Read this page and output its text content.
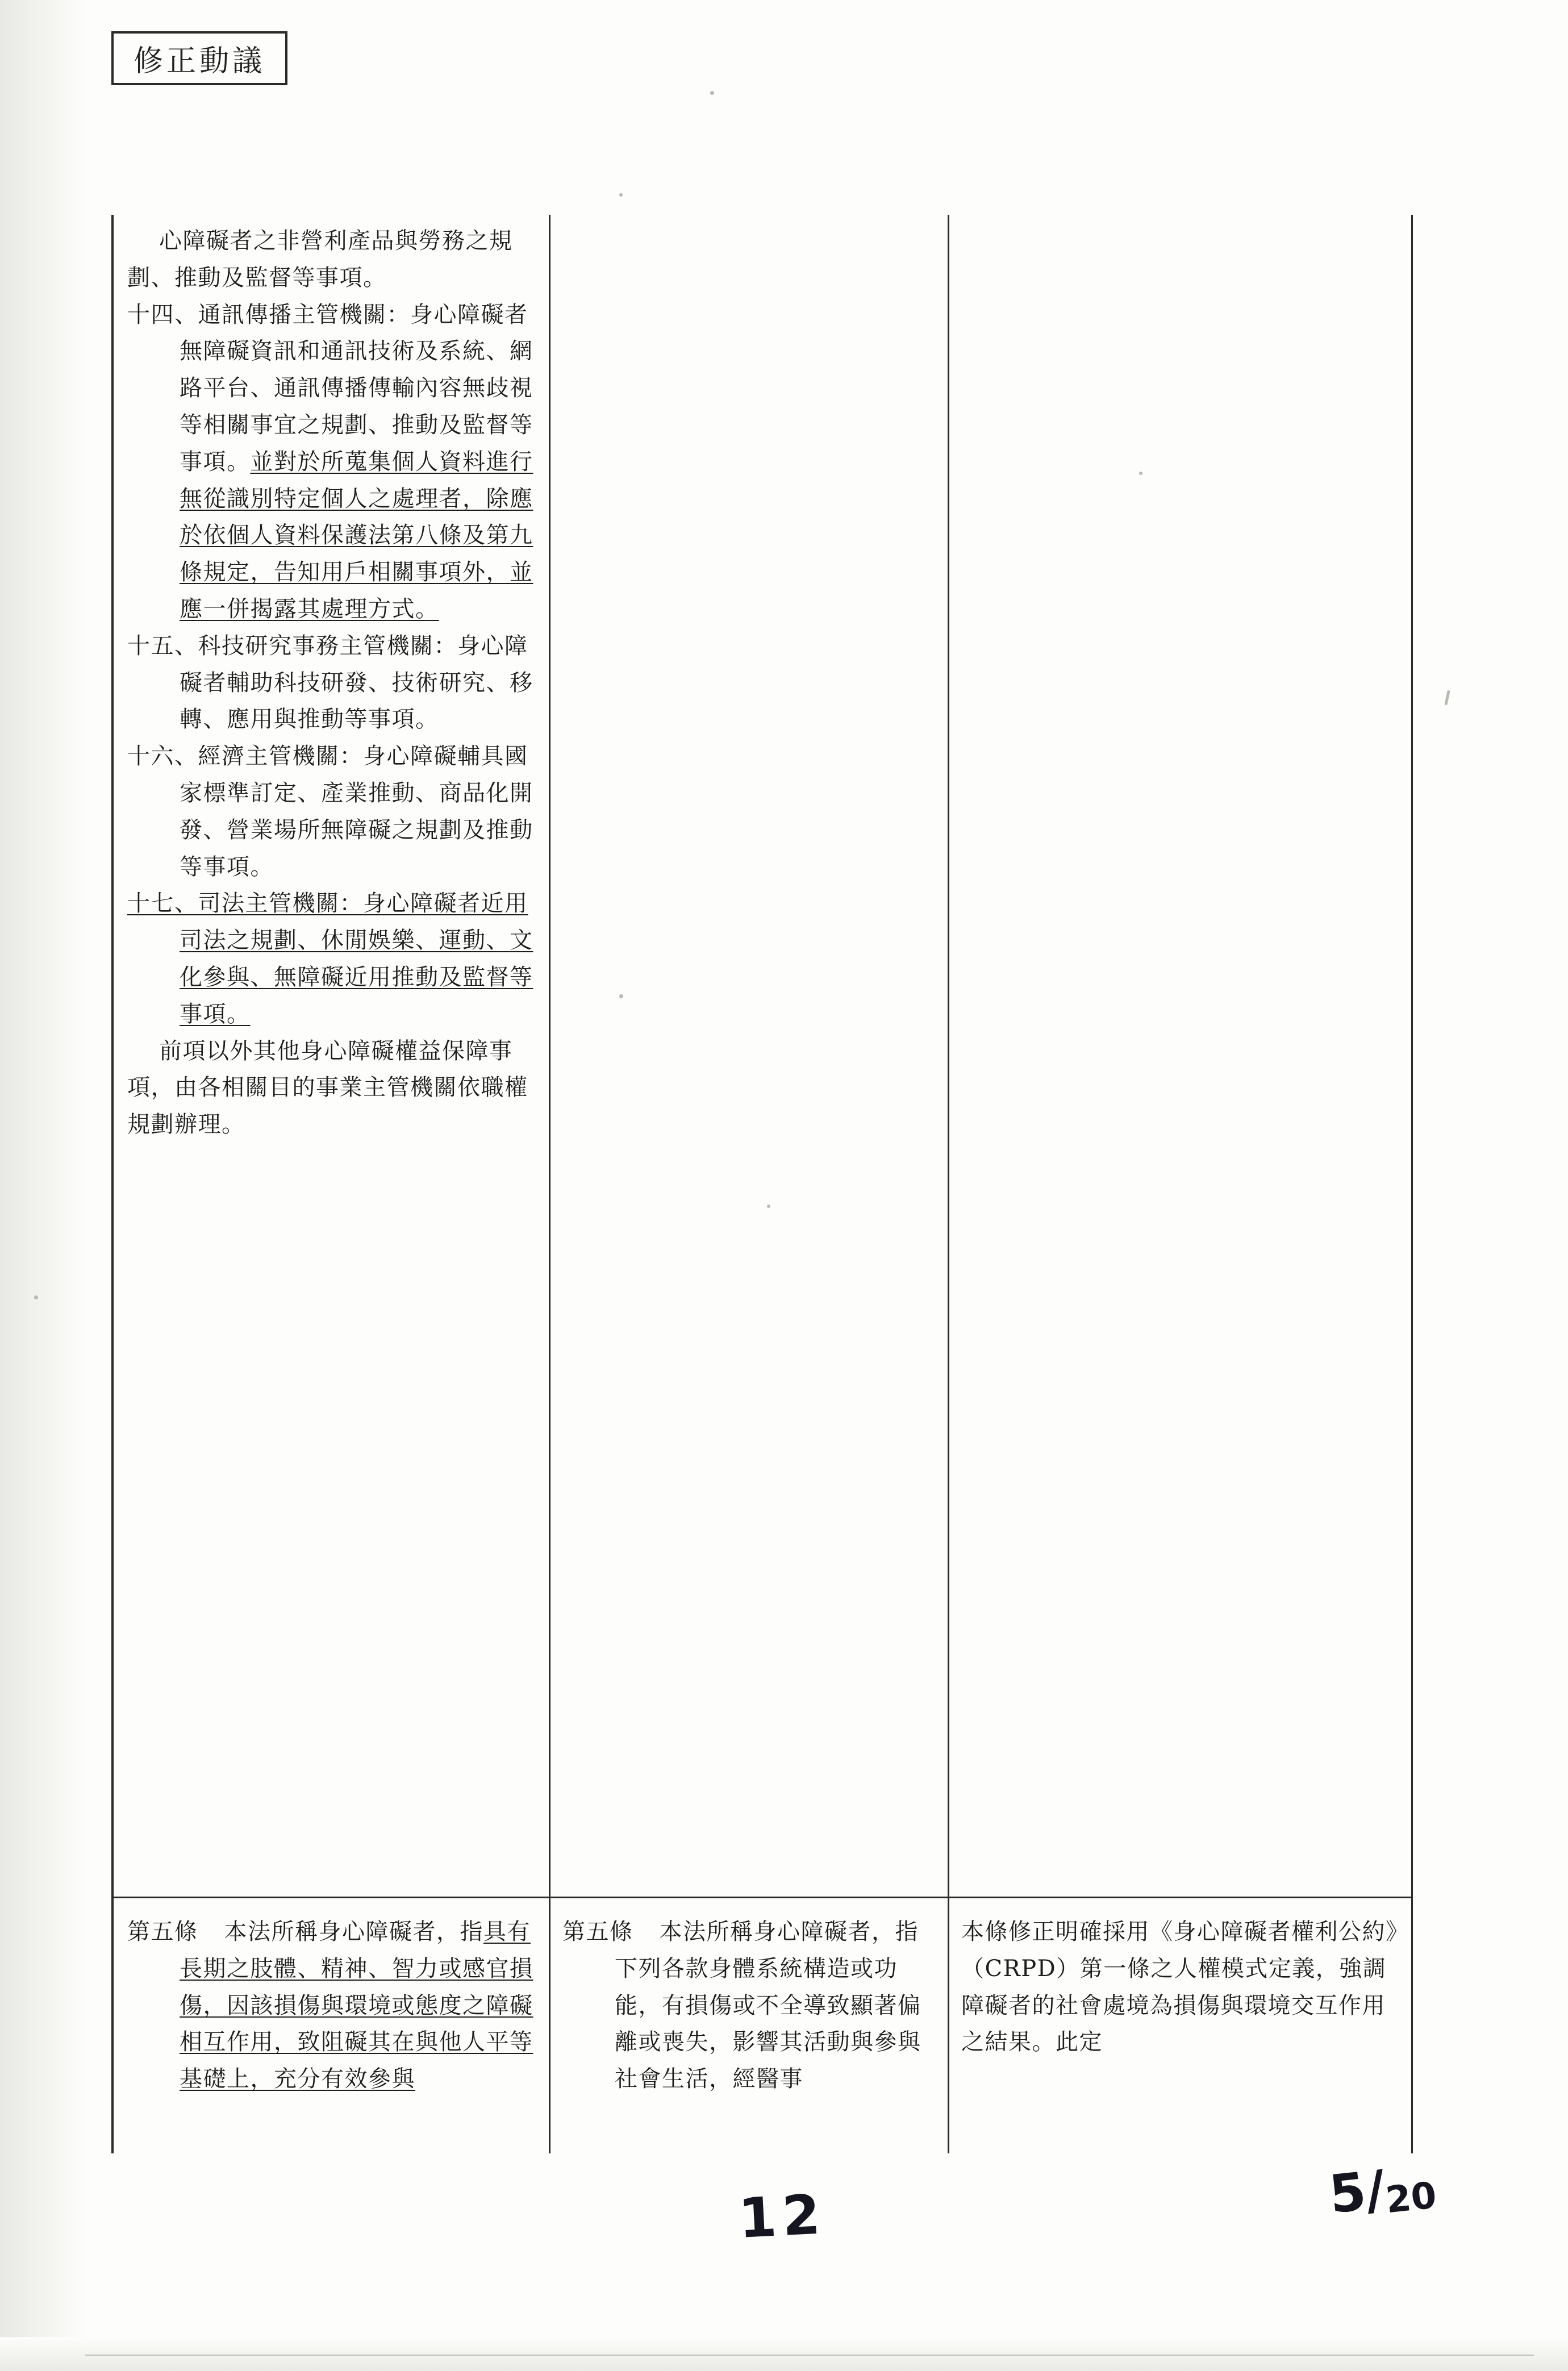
修正動議

心障礙者之非營利產品與勞務之規劃、推動及監督等事項。

十四、通訊傳播主管機關：身心障礙者無障礙資訊和通訊技術及系統、網路平台、通訊傳播傳輸內容無歧視等相關事宜之規劃、推動及監督等事項。並對於所蒐集個人資料進行無從識別特定個人之處理者，除應於依個人資料保護法第八條及第九條規定，告知用戶相關事項外，並應一併揭露其處理方式。

十五、科技研究事務主管機關：身心障礙者輔助科技研發、技術研究、移轉、應用與推動等事項。

十六、經濟主管機關：身心障礙輔具國家標準訂定、產業推動、商品化開發、營業場所無障礙之規劃及推動等事項。

十七、司法主管機關：身心障礙者近用司法之規劃、休閒娛樂、運動、文化參與、無障礙近用推動及監督等事項。

前項以外其他身心障礙權益保障事項，由各相關目的事業主管機關依職權規劃辦理。

第五條 本法所稱身心障礙者，指具有長期之肢體、精神、智力或感官損傷，因該損傷與環境或態度之障礙相互作用，致阻礙其在與他人平等基礎上，充分有效參與

第五條 本法所稱身心障礙者，指下列各款身體系統構造或功能，有損傷或不全導致顯著偏離或喪失，影響其活動與參與社會生活，經醫事

本條修正明確採用《身心障礙者權利公約》（CRPD）第一條之人權模式定義，強調障礙者的社會處境為損傷與環境交互作用之結果。此定

12	5/20
